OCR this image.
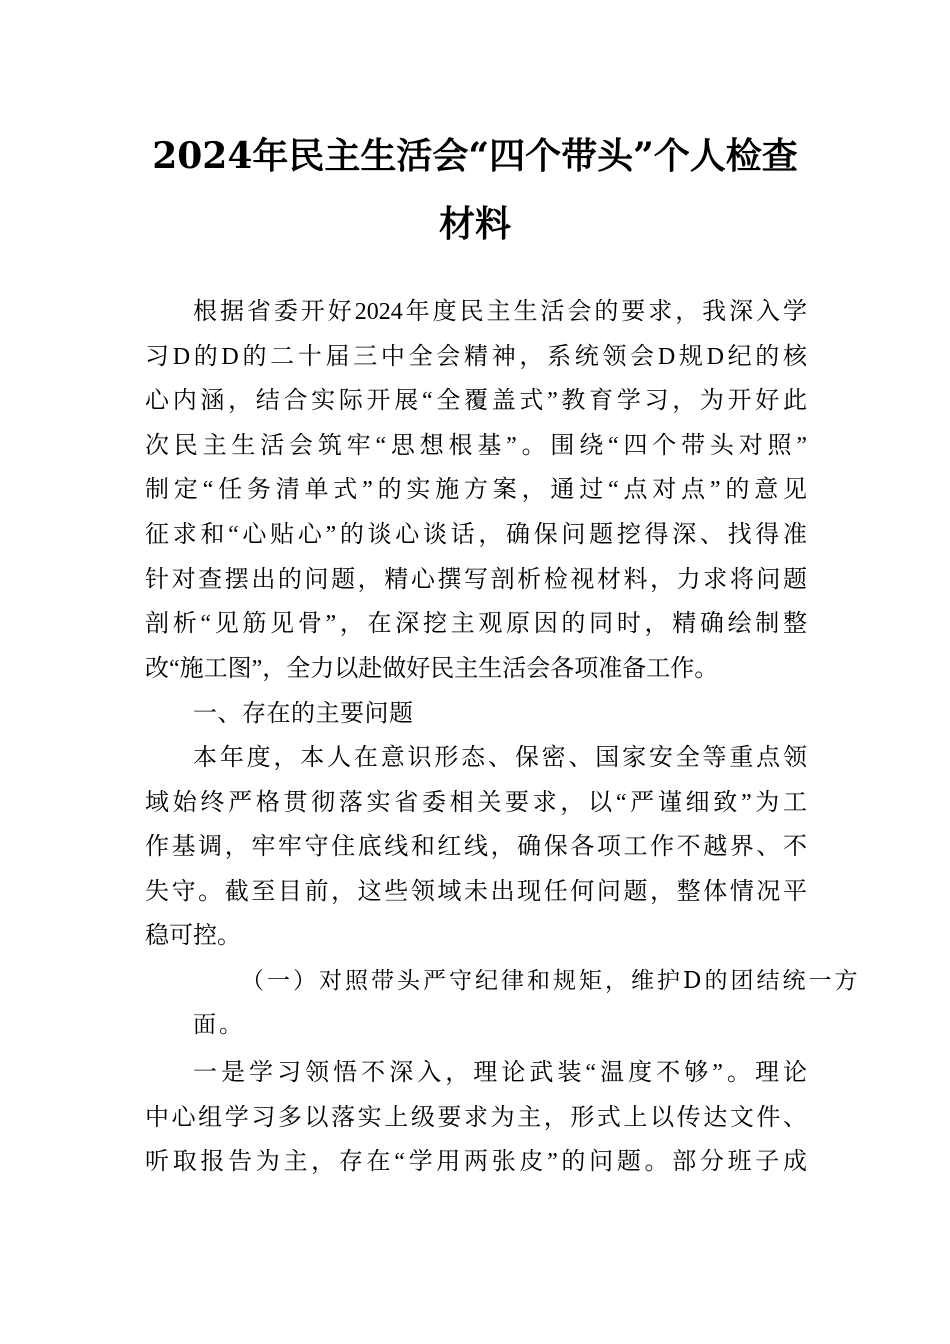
2024年民主生活会“四个带头”个人检查
材料
根据省委开好2024年度民主生活会的要求，我深入学
习D的D的二十届三中全会精神，系统领会D规D纪的核
心内涵，结合实际开展“全覆盖式”教育学习，为开好此
次民主生活会筑牢“思想根基”。围绕“四个带头对照”
制定“任务清单式”的实施方案，通过“点对点”的意见
征求和“心贴心”的谈心谈话，确保问题挖得深、找得准
针对查摆出的问题，精心撰写剖析检视材料，力求将问题
剖析“见筋见骨”，在深挖主观原因的同时，精确绘制整
改“施工图”，全力以赴做好民主生活会各项准备工作。
一、存在的主要问题
本年度，本人在意识形态、保密、国家安全等重点领
域始终严格贯彻落实省委相关要求，以“严谨细致”为工
作基调，牢牢守住底线和红线，确保各项工作不越界、不
失守。截至目前，这些领域未出现任何问题，整体情况平
稳可控。
（一）对照带头严守纪律和规矩，维护D的团结统一方
面。
一是学习领悟不深入，理论武装“温度不够”。理论
中心组学习多以落实上级要求为主，形式上以传达文件、
听取报告为主，存在“学用两张皮”的问题。部分班子成
